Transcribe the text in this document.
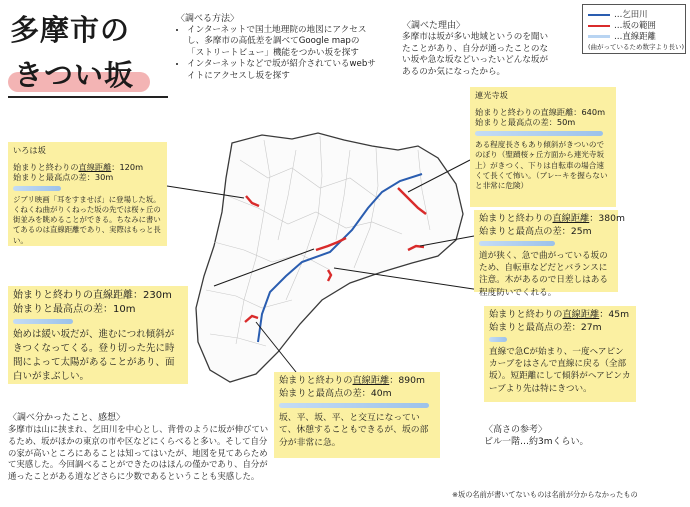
多摩市の
きつい坂
〈調べる方法〉
• インターネットで国土地理院の地図にアクセスし、多摩市の高低差を調べてGoogle mapの「ストリートビュー」機能をつかい坂を探す
• インターネットなどで坂が紹介されているwebサイトにアクセスし坂を探す
〈調べた理由〉
多摩市は坂が多い地域というのを聞いたことがあり、自分が通ったことのない坂や急な坂などいったいどんな坂があるのか気になったから。
…乞田川
…坂の範囲
…直線距離
(曲がっているため数字より長い)
いろは坂
始まりと終わりの直線距離：120m
始まりと最高点の差：30m
ジブリ映画「耳をすませば」に登場した坂。くねくね曲がりくねった坂の先では桜ヶ丘の街並みを眺めることができる。ちなみに書いてあるのは直線距離であり、実際はもっと長い。
連光寺坂
始まりと終わりの直線距離：640m
始まりと最高点の差：50m
ある程度長さもあり傾斜がきついのでのぼり（聖蹟桜ヶ丘方面から連光寺坂上）がきつく、下りは自転車の場合速くて長くて怖い。（ブレーキを握らないと非常に危険）
始まりと終わりの直線距離：380m
始まりと最高点の差：25m
道が狭く、急で曲がっている坂のため、自転車などだとバランスに注意。木があるので日差しはある程度防いでくれる。
始まりと終わりの直線距離：230m
始まりと最高点の差：10m
始めは緩い坂だが、進むにつれ傾斜がきつくなってくる。登り切った先に時間によって太陽があることがあり、面白いがまぶしい。
始まりと終わりの直線距離：45m
始まりと最高点の差：27m
直線で急Cが始まり、一度ヘアピンカーブをはさんで直線に戻る（全部坂）。短距離にして傾斜がヘアピンカーブより先は特にきつい。
始まりと終わりの直線距離：890m
始まりと最高点の差：40m
坂、平、坂、平、と交互になっていて、休憩することもできるが、坂の部分が非常に急。
〈調べ分かったこと、感想〉
多摩市は山に挟まれ、乞田川を中心とし、背骨のように坂が伸びているため、坂がほかの東京の市や区などにくらべると多い。そして自分の家が高いところにあることは知ってはいたが、地図を見てあらためて実感した。今回調べることができたのはほんの僅かであり、自分が通ったことがある道などさらに少数であるということも実感した。
〈高さの参考〉
ビル一階…約3mくらい。
※坂の名前が書いてないものは名前が分からなかったもの
